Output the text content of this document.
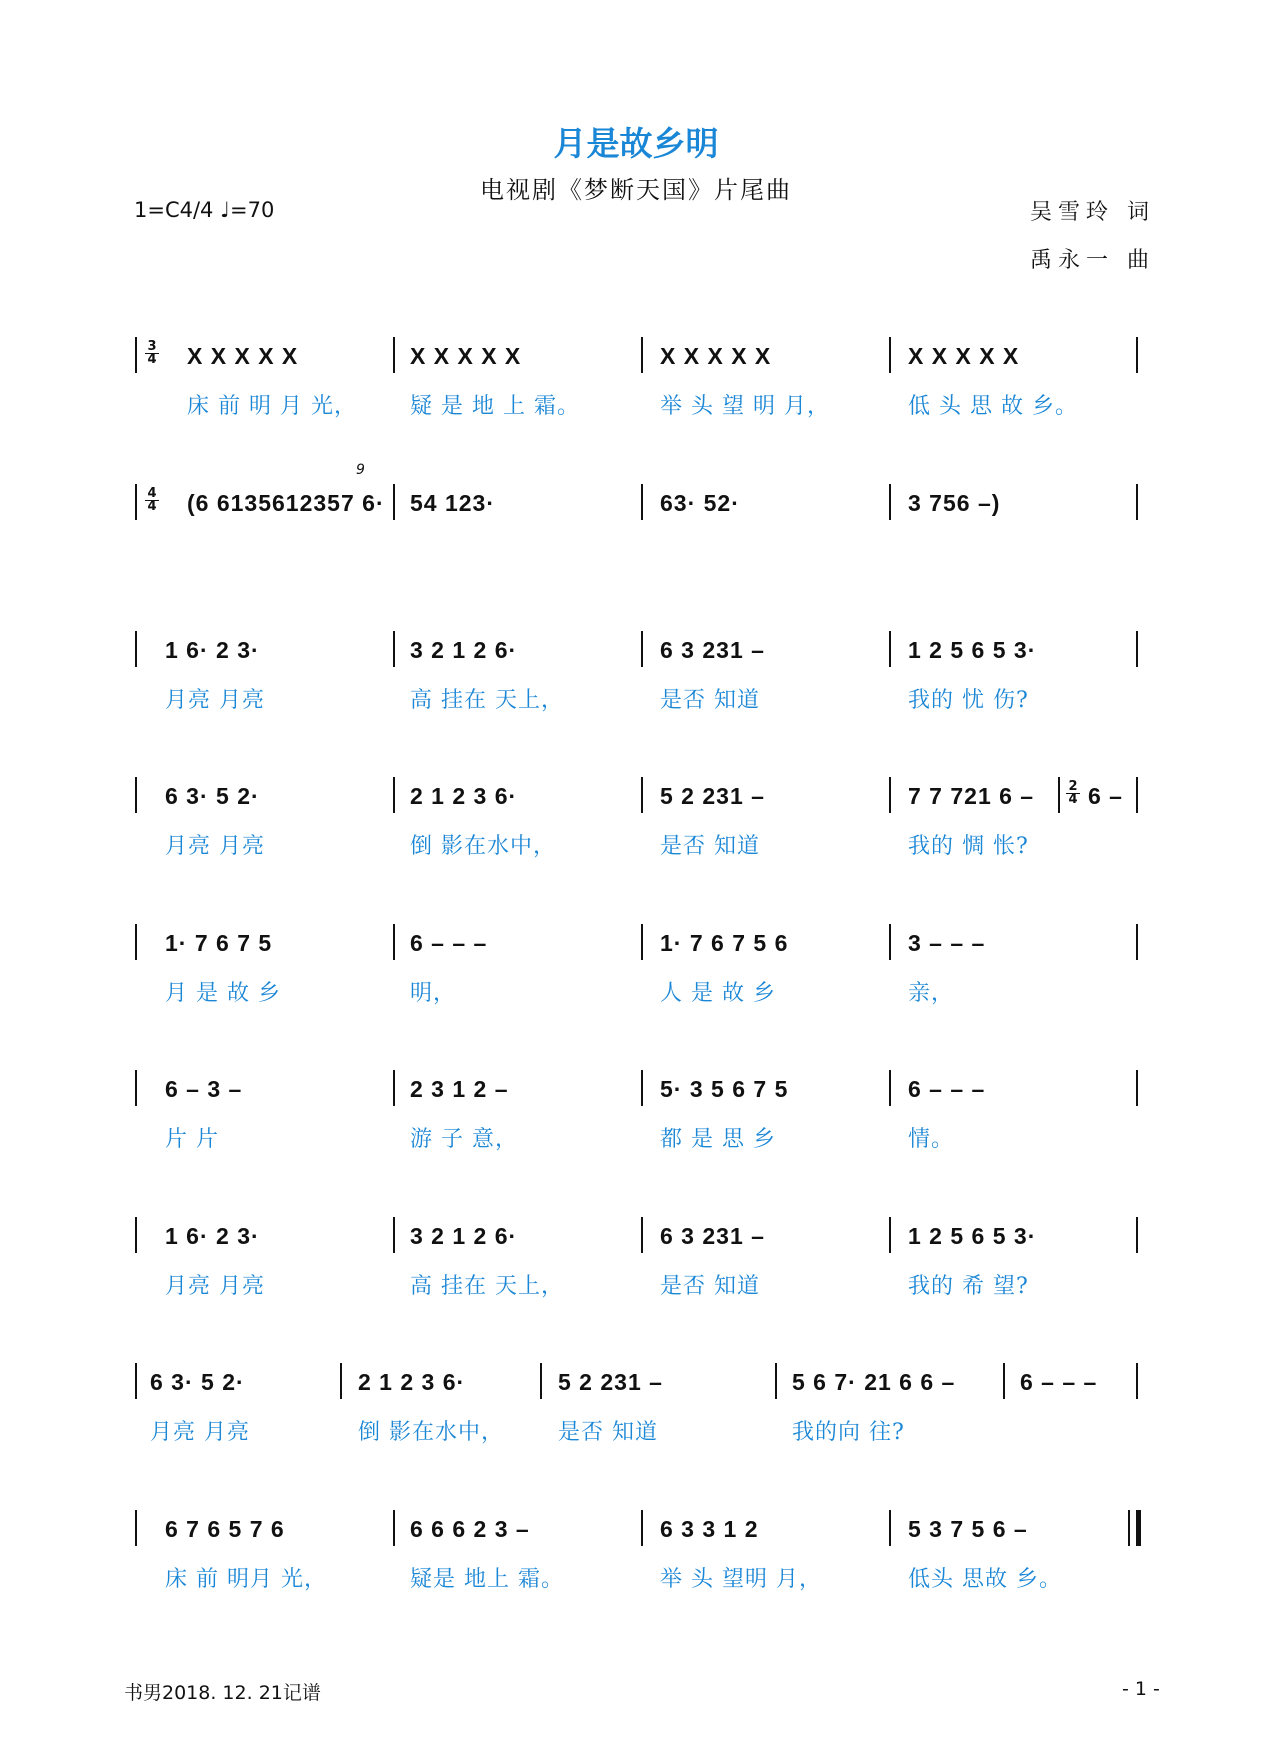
月是故乡明
电视剧《梦断天国》片尾曲
1=C4/4 ♩=70	吴雪玲 词
禹永一 曲
$\frac{3}{4}$ X X X X X
床 前 明 月 光，
X X X X X
疑 是 地 上 霜。
X X X X X
举 头 望 明 月，
X X X X X
低 头 思 故 乡。
$\frac{4}{4} (6$ 6135612357 6· 54 123·	63· 52·	3 756 –)
9
1 6· 2 3·
月亮 月亮
3 2 1 2 6·
高 挂在 天上，
6 3 231 –
是否 知道
1 2 5 6 5 3·
我的 忧 伤?
6 3· 5 2·
月亮 月亮
2 1 2 3 6·
倒 影在水中，
5 2 231 –
是否 知道
7 7 721 6 –
我的 惆 怅?
$\frac{2}{4} 6$ –
1· 7 6 7 5
月 是 故 乡
6 – – –
明，
1· 7 6 7 5 6
人 是 故 乡
3 – – –
亲，
6 – 3 –
片 片
2 3 1 2 –
游 子 意，
5· 3 5 6 7 5
都 是 思 乡
6 – – –
情。
1 6· 2 3·
月亮 月亮
3 2 1 2 6·
高 挂在 天上，
6 3 231 –
是否 知道
1 2 5 6 5 3·
我的 希 望?
6 3· 5 2·
月亮 月亮
2 1 2 3 6·
倒 影在水中，
5 2 231 –
是否 知道
5 6 7· 21 6 6 –
我的向 往?
6 – – –
6 7 6 5 7 6
床 前 明月 光，
6 6 6 2 3 –
疑是 地上 霜。
6 3 3 1 2
举 头 望明 月，
5 3 7 5 6 –
低头 思故 乡。
书男2018. 12. 21记谱	- 1 -
